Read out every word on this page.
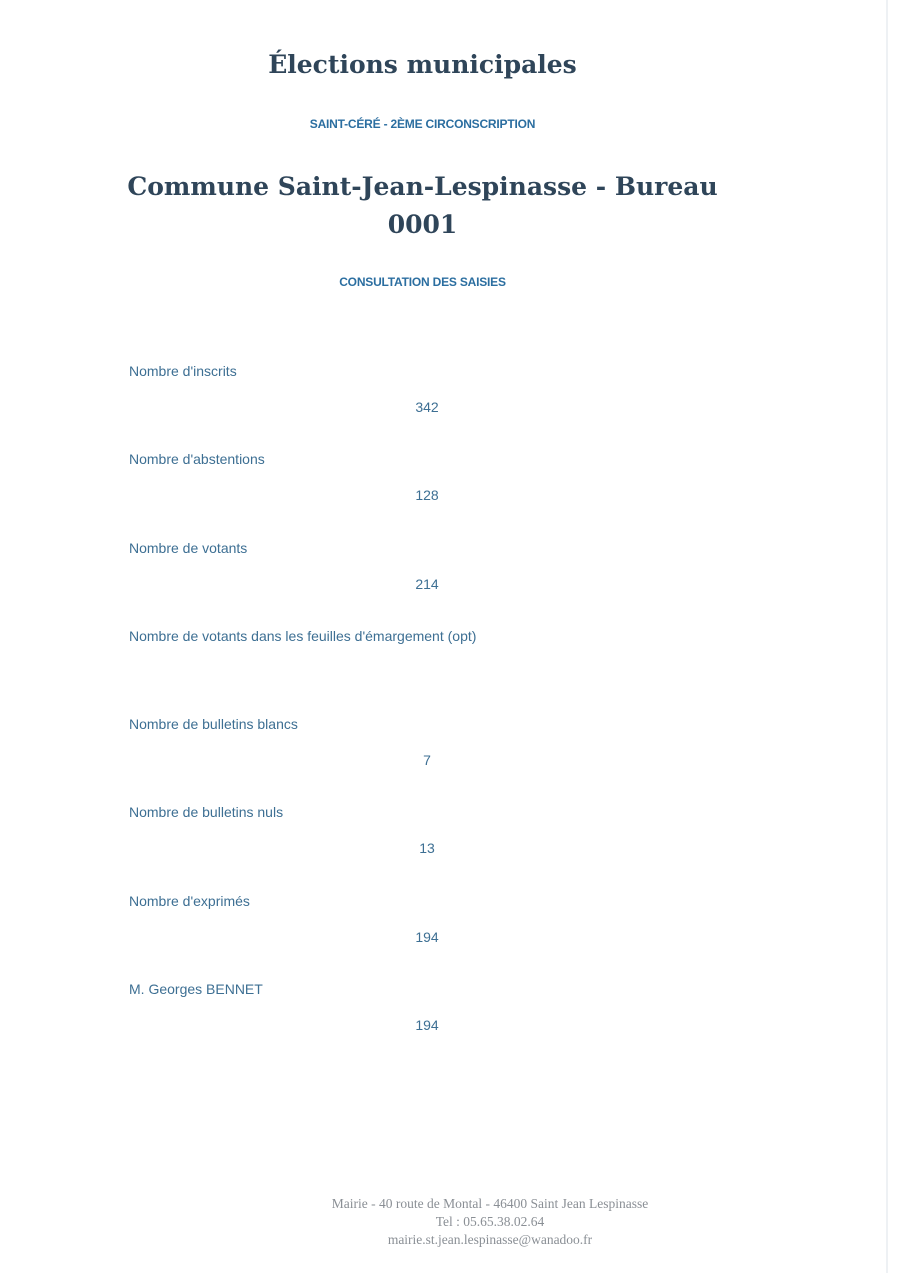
Élections municipales
SAINT-CÉRÉ - 2ÈME CIRCONSCRIPTION
Commune Saint-Jean-Lespinasse - Bureau 0001
CONSULTATION DES SAISIES
Nombre d'inscrits
342
Nombre d'abstentions
128
Nombre de votants
214
Nombre de votants dans les feuilles d'émargement (opt)
Nombre de bulletins blancs
7
Nombre de bulletins nuls
13
Nombre d'exprimés
194
M. Georges BENNET
194
Mairie - 40 route de Montal - 46400 Saint Jean Lespinasse
Tel : 05.65.38.02.64
mairie.st.jean.lespinasse@wanadoo.fr
